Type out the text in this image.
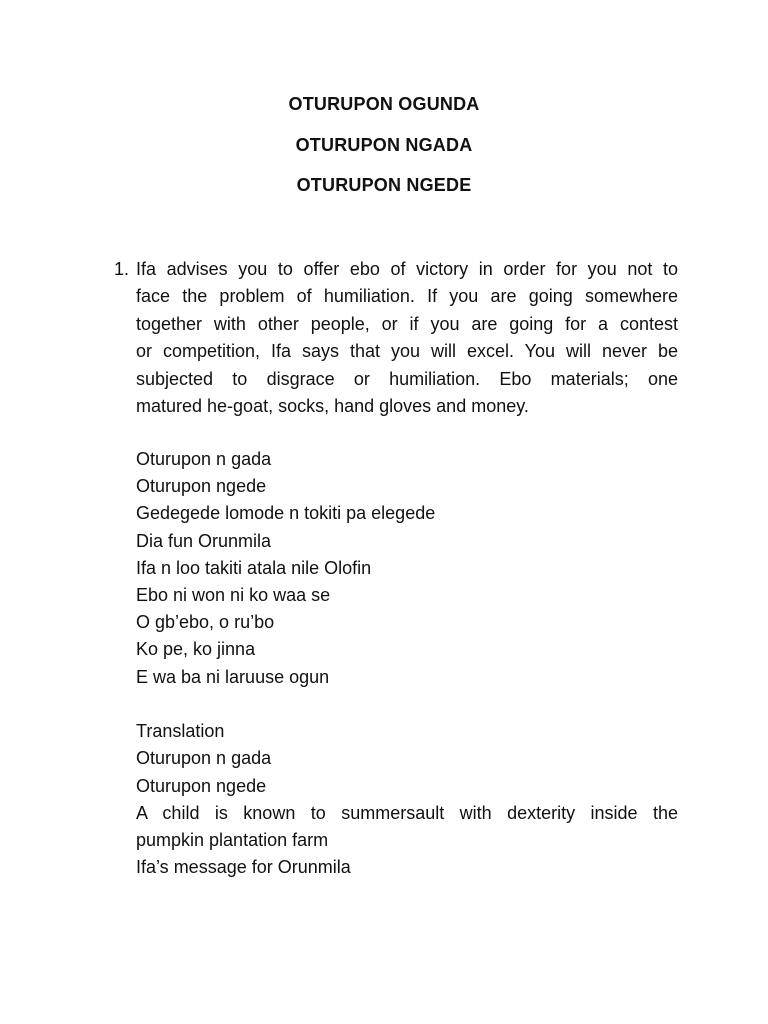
OTURUPON OGUNDA
OTURUPON NGADA
OTURUPON NGEDE
1. Ifa advises you to offer ebo of victory in order for you not to
face the problem of humiliation. If you are going somewhere
together with other people, or if you are going for a contest
or competition, Ifa says that you will excel. You will never be
subjected to disgrace or humiliation. Ebo materials; one
matured he-goat, socks, hand gloves and money.
Oturupon n gada
Oturupon ngede
Gedegede lomode n tokiti pa elegede
Dia fun Orunmila
Ifa n loo takiti atala nile Olofin
Ebo ni won ni ko waa se
O gb’ebo, o ru’bo
Ko pe, ko jinna
E wa ba ni laruuse ogun
Translation
Oturupon n gada
Oturupon ngede
A child is known to summersault with dexterity inside the
pumpkin plantation farm
Ifa’s message for Orunmila
